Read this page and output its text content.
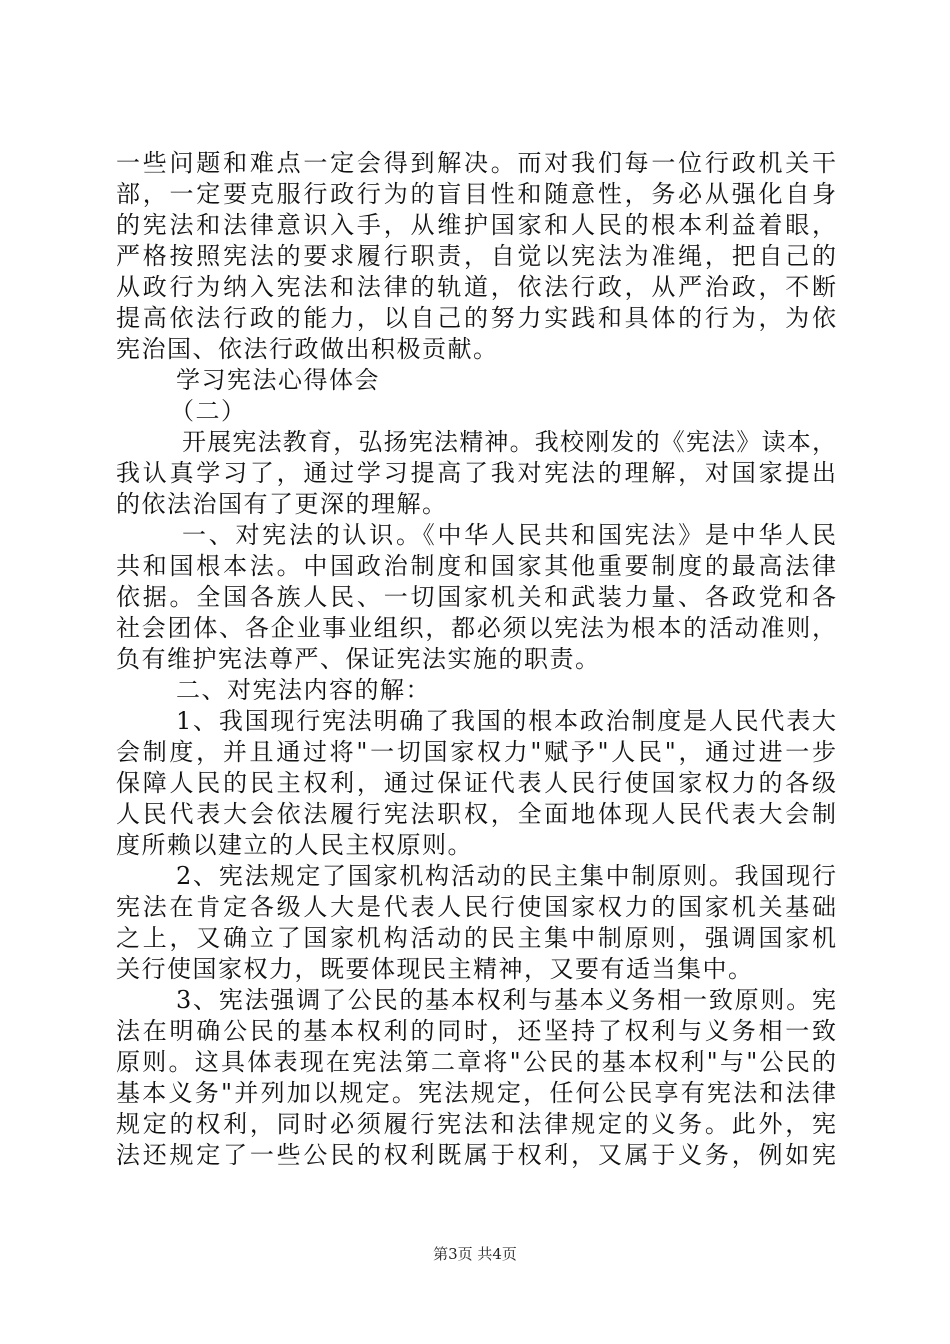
一些问题和难点一定会得到解决。而对我们每一位行政机关干
部，一定要克服行政行为的盲目性和随意性，务必从强化自身
的宪法和法律意识入手，从维护国家和人民的根本利益着眼，
严格按照宪法的要求履行职责，自觉以宪法为准绳，把自己的
从政行为纳入宪法和法律的轨道，依法行政，从严治政，不断
提高依法行政的能力，以自己的努力实践和具体的行为，为依
宪治国、依法行政做出积极贡献。
学习宪法心得体会
（二）
开展宪法教育，弘扬宪法精神。我校刚发的《宪法》读本，
我认真学习了，通过学习提高了我对宪法的理解，对国家提出
的依法治国有了更深的理解。
一、对宪法的认识。《中华人民共和国宪法》是中华人民
共和国根本法。中国政治制度和国家其他重要制度的最高法律
依据。全国各族人民、一切国家机关和武装力量、各政党和各
社会团体、各企业事业组织，都必须以宪法为根本的活动准则，
负有维护宪法尊严、保证宪法实施的职责。
二、对宪法内容的解：
1、我国现行宪法明确了我国的根本政治制度是人民代表大
会制度，并且通过将"一切国家权力"赋予"人民"，通过进一步
保障人民的民主权利，通过保证代表人民行使国家权力的各级
人民代表大会依法履行宪法职权，全面地体现人民代表大会制
度所赖以建立的人民主权原则。
2、宪法规定了国家机构活动的民主集中制原则。我国现行
宪法在肯定各级人大是代表人民行使国家权力的国家机关基础
之上，又确立了国家机构活动的民主集中制原则，强调国家机
关行使国家权力，既要体现民主精神，又要有适当集中。
3、宪法强调了公民的基本权利与基本义务相一致原则。宪
法在明确公民的基本权利的同时，还坚持了权利与义务相一致
原则。这具体表现在宪法第二章将"公民的基本权利"与"公民的
基本义务"并列加以规定。宪法规定，任何公民享有宪法和法律
规定的权利，同时必须履行宪法和法律规定的义务。此外，宪
法还规定了一些公民的权利既属于权利，又属于义务，例如宪
第3页 共4页
